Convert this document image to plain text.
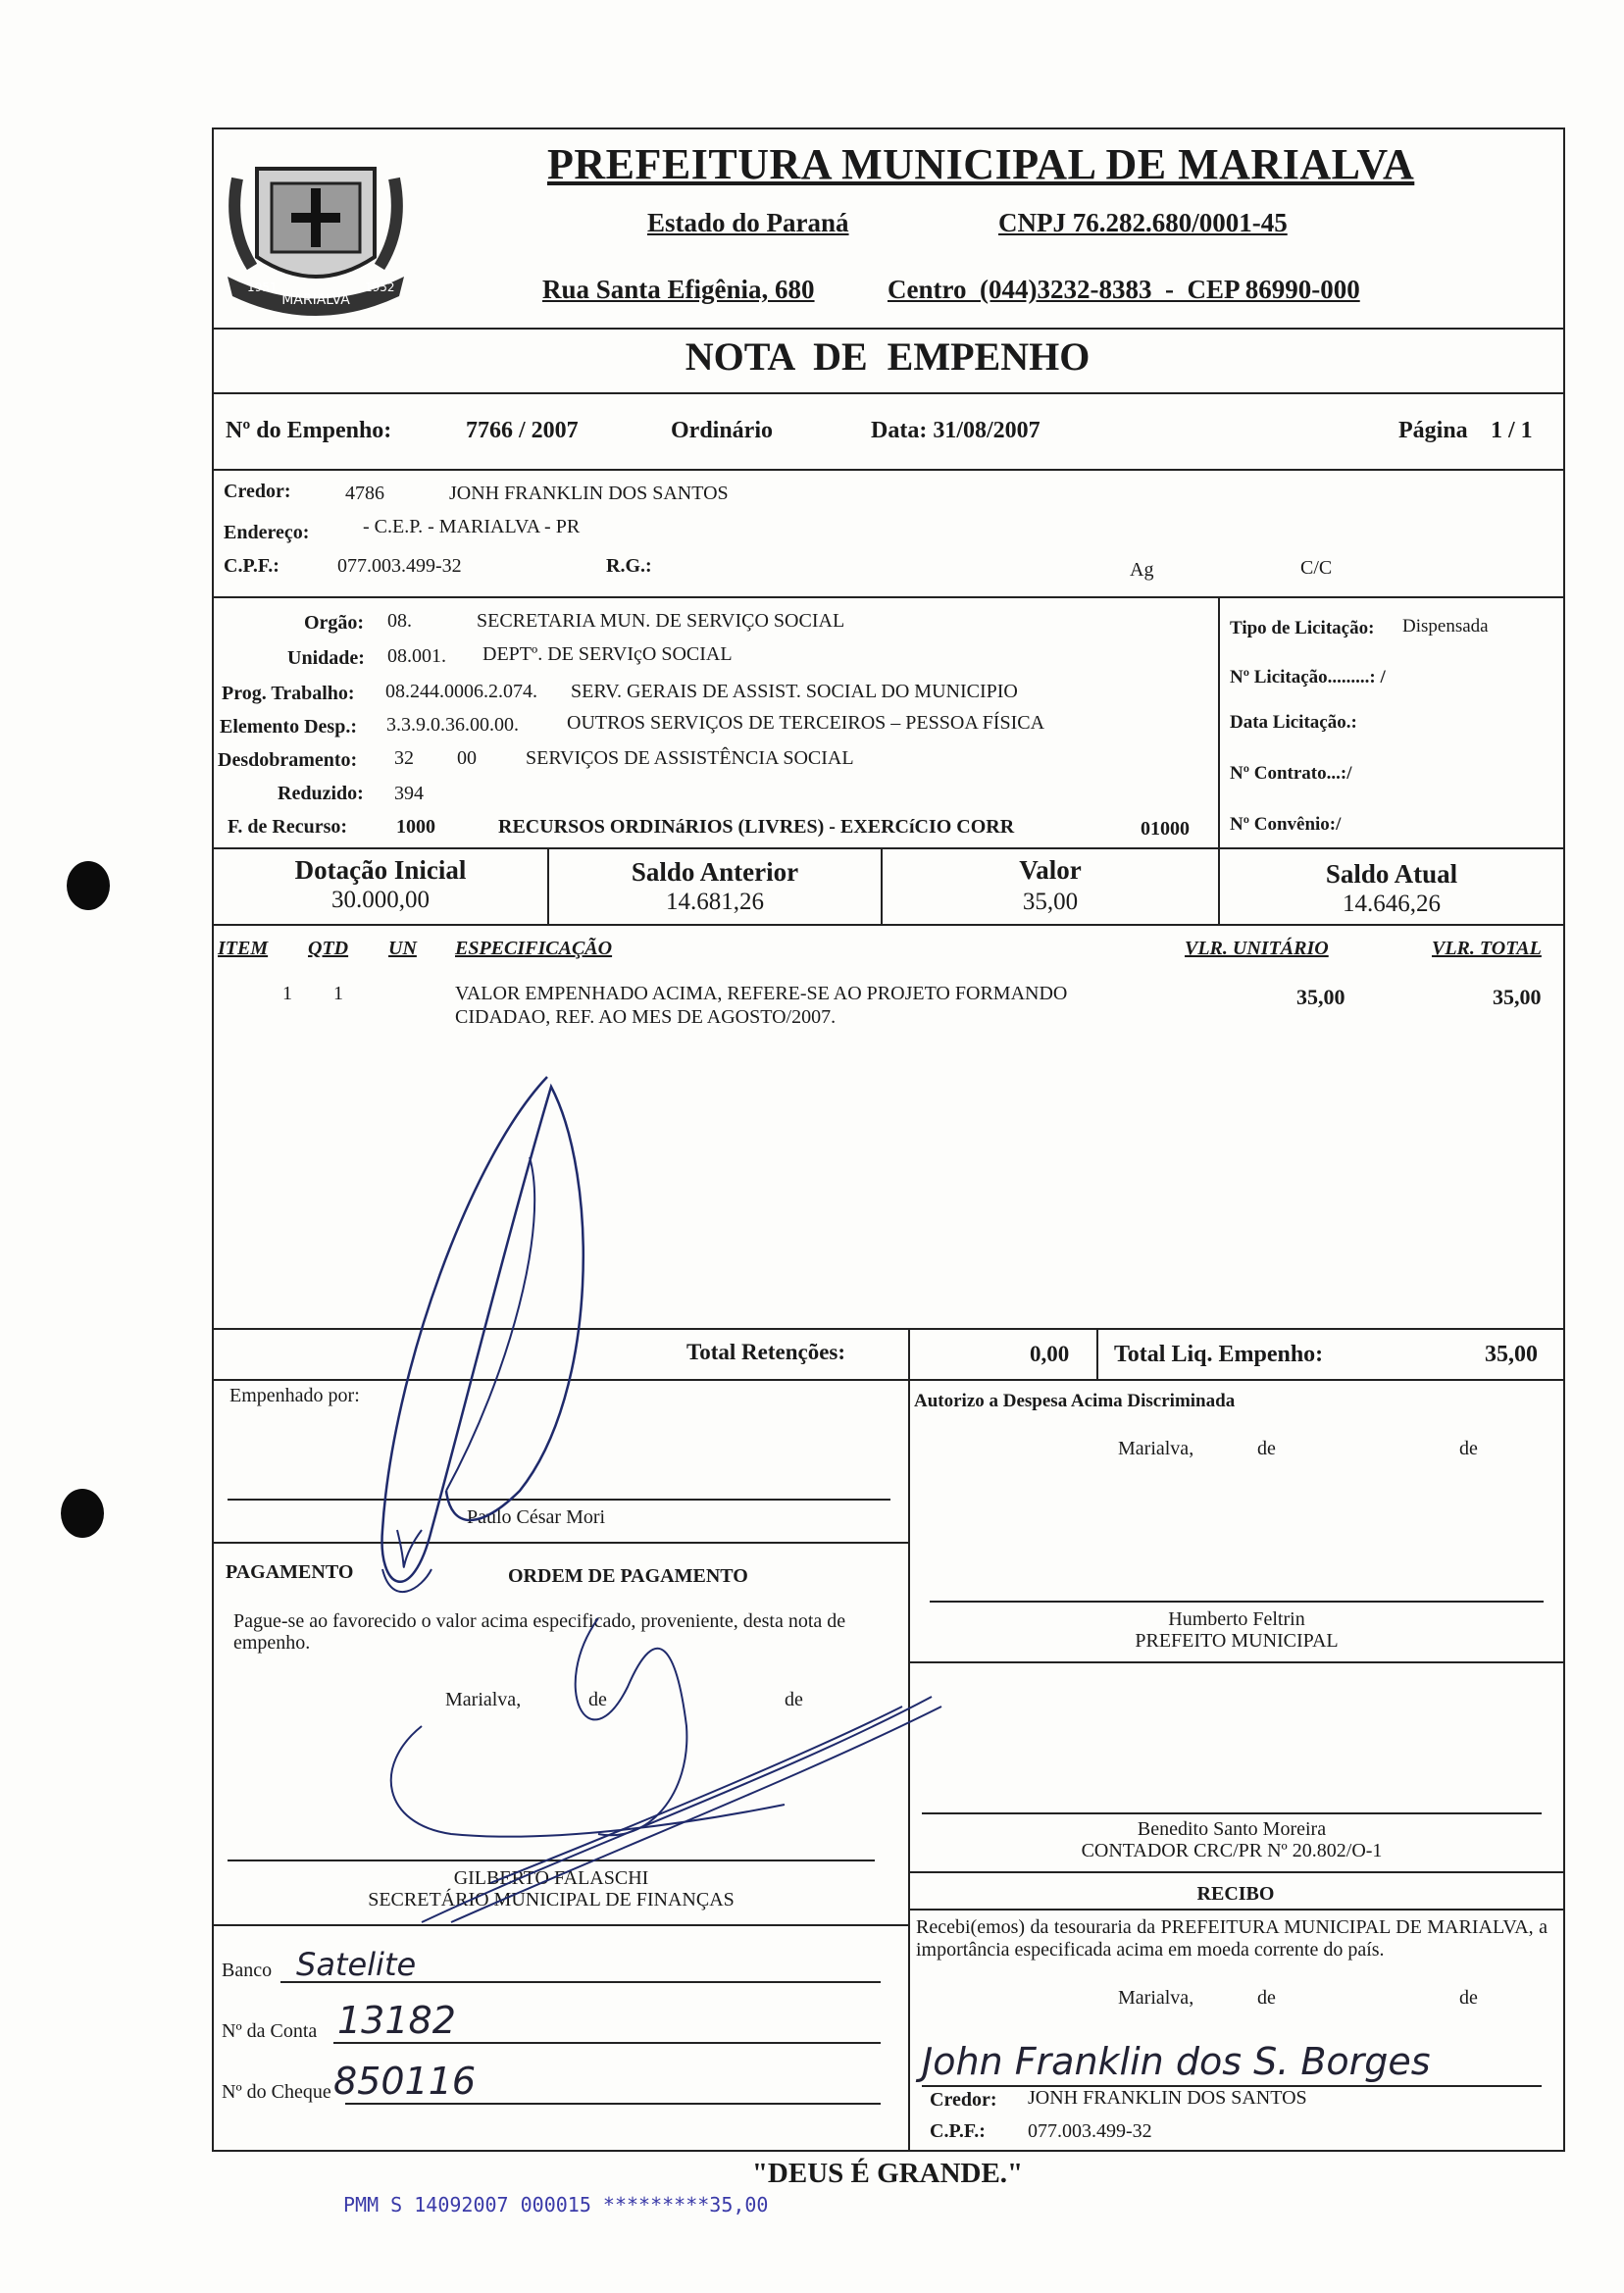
MARIALVA
1951	1952
PREFEITURA MUNICIPAL DE MARIALVA
Estado do Paraná	CNPJ 76.282.680/0001-45
Rua Santa Efigênia, 680	Centro  (044)3232-8383  -  CEP 86990-000
NOTA  DE  EMPENHO
Nº do Empenho:	7766 / 2007	Ordinário	Data: 31/08/2007	Página 1 / 1
Credor:	4786	JONH FRANKLIN DOS SANTOS
Endereço:	- C.E.P. - MARIALVA - PR
C.P.F.:	077.003.499-32	R.G.:	Ag	C/C
Orgão: 08.	SECRETARIA MUN. DE SERVIÇO SOCIAL
Unidade: 08.001. DEPTº. DE SERVIçO SOCIAL
Prog. Trabalho: 08.244.0006.2.074. SERV. GERAIS DE ASSIST. SOCIAL DO MUNICIPIO
Elemento Desp.: 3.3.9.0.36.00.00. OUTROS SERVIÇOS DE TERCEIROS – PESSOA FÍSICA
Desdobramento: 32 00	SERVIÇOS DE ASSISTÊNCIA SOCIAL
Reduzido: 394
F. de Recurso: 1000	RECURSOS ORDINáRIOS (LIVRES) - EXERCíCIO CORR	01000
Tipo de Licitação: Dispensada
Nº Licitação.........: /
Data Licitação.:
Nº Contrato...:/
Nº Convênio:/
Dotação Inicial
30.000,00
Saldo Anterior
14.681,26
Valor
35,00
Saldo Atual
14.646,26
ITEM QTD UN ESPECIFICAÇÃO	VLR. UNITÁRIO	VLR. TOTAL
1 1	VALOR EMPENHADO ACIMA, REFERE-SE AO PROJETO FORMANDO
CIDADAO, REF. AO MES DE AGOSTO/2007.
35,00	35,00
Total Retenções:	0,00 Total Liq. Empenho:	35,00
Empenhado por:
Paulo César Mori
Autorizo a Despesa Acima Discriminada
Marialva,	de	de
Humberto Feltrin
PREFEITO MUNICIPAL
Benedito Santo Moreira
CONTADOR CRC/PR Nº 20.802/O-1
PAGAMENTO	ORDEM DE PAGAMENTO
Pague-se ao favorecido o valor acima especificado, proveniente, desta nota de empenho.
Marialva,	de	de
GILBERTO FALASCHI
SECRETÁRIO MUNICIPAL DE FINANÇAS
Banco Satelite
Nº da Conta 13182
Nº do Cheque 850116
RECIBO
Recebi(emos) da tesouraria da PREFEITURA MUNICIPAL DE MARIALVA, a importância especificada acima em moeda corrente do país.
Marialva,	de	de
John Franklin dos S. Borges
Credor: JONH FRANKLIN DOS SANTOS
C.P.F.: 077.003.499-32
"DEUS É GRANDE."
PMM S 14092007 000015 *********35,00
